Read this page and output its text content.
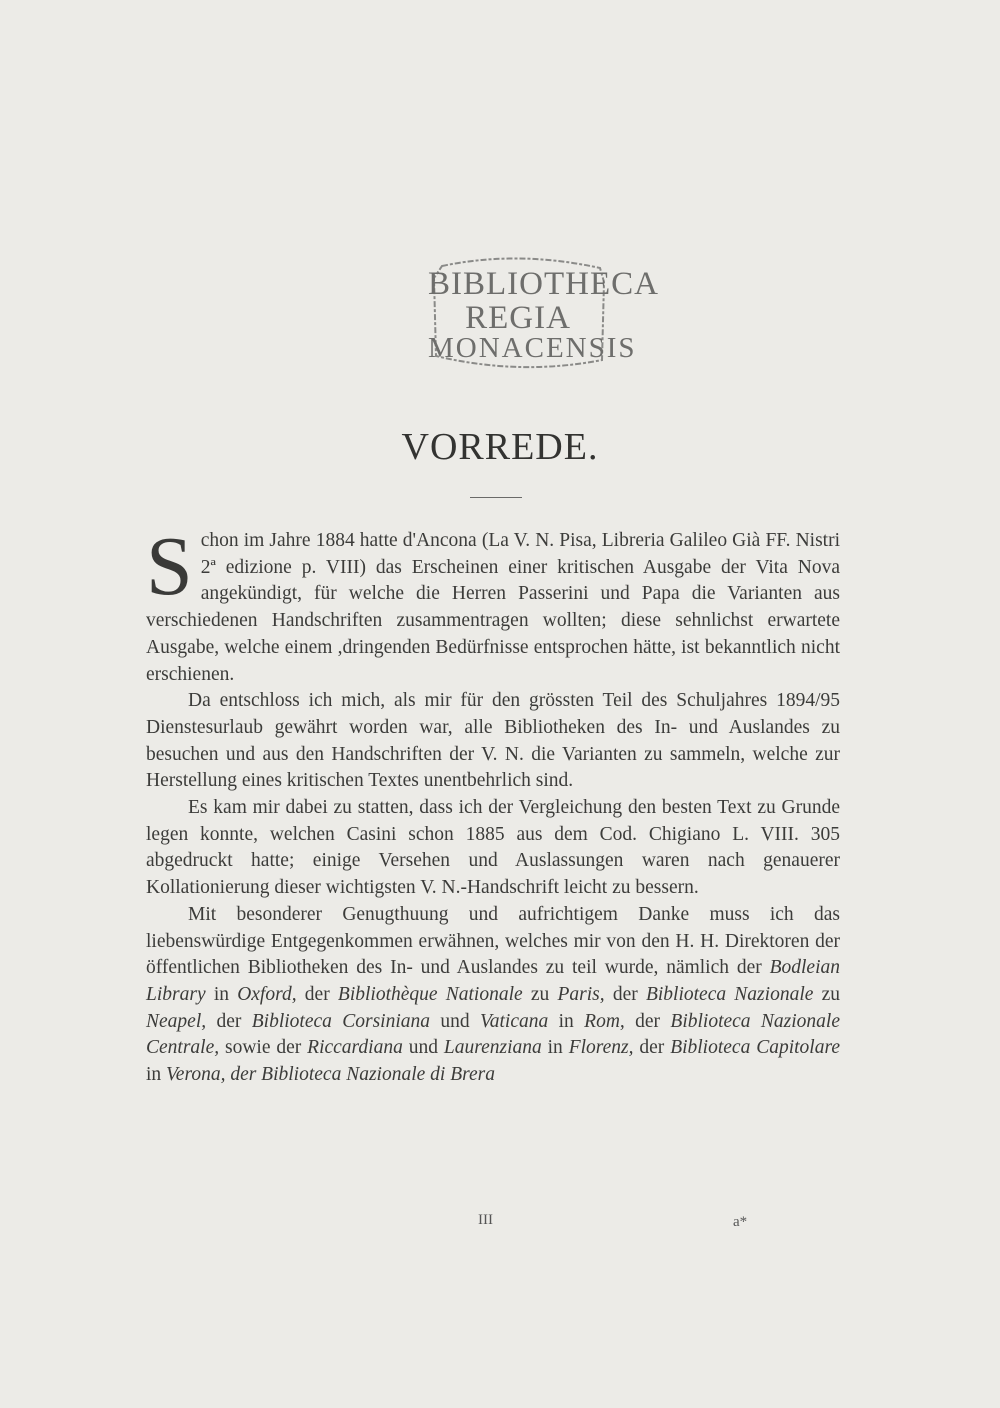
BIBLIOTHECA
REGIA
MONACENSIS
VORREDE.

Schon im Jahre 1884 hatte d'Ancona (La V. N. Pisa, Libreria Galileo Già FF. Nistri 2ª edizione p. VIII) das Erscheinen einer kritischen Ausgabe der Vita Nova angekündigt, für welche die Herren Passerini und Papa die Varianten aus verschiedenen Handschriften zusammentragen wollten; diese sehnlichst erwartete Ausgabe, welche einem ,dringenden Bedürfnisse entsprochen hätte, ist bekanntlich nicht erschienen.

Da entschloss ich mich, als mir für den grössten Teil des Schuljahres 1894/95 Dienstesurlaub gewährt worden war, alle Bibliotheken des In- und Auslandes zu besuchen und aus den Handschriften der V. N. die Varianten zu sammeln, welche zur Herstellung eines kritischen Textes unentbehrlich sind.

Es kam mir dabei zu statten, dass ich der Vergleichung den besten Text zu Grunde legen konnte, welchen Casini schon 1885 aus dem Cod. Chigiano L. VIII. 305 abgedruckt hatte; einige Versehen und Auslassungen waren nach genauerer Kollationierung dieser wichtigsten V. N.-Handschrift leicht zu bessern.

Mit besonderer Genugthuung und aufrichtigem Danke muss ich das liebenswürdige Entgegenkommen erwähnen, welches mir von den H. H. Direktoren der öffentlichen Bibliotheken des In- und Auslandes zu teil wurde, nämlich der Bodleian Library in Oxford, der Bibliothèque Nationale zu Paris, der Biblioteca Nazionale zu Neapel, der Biblioteca Corsiniana und Vaticana in Rom, der Biblioteca Nazionale Centrale, sowie der Riccardiana und Laurenziana in Florenz, der Biblioteca Capitolare in Verona, der Biblioteca Nazionale di Brera

III	a*
